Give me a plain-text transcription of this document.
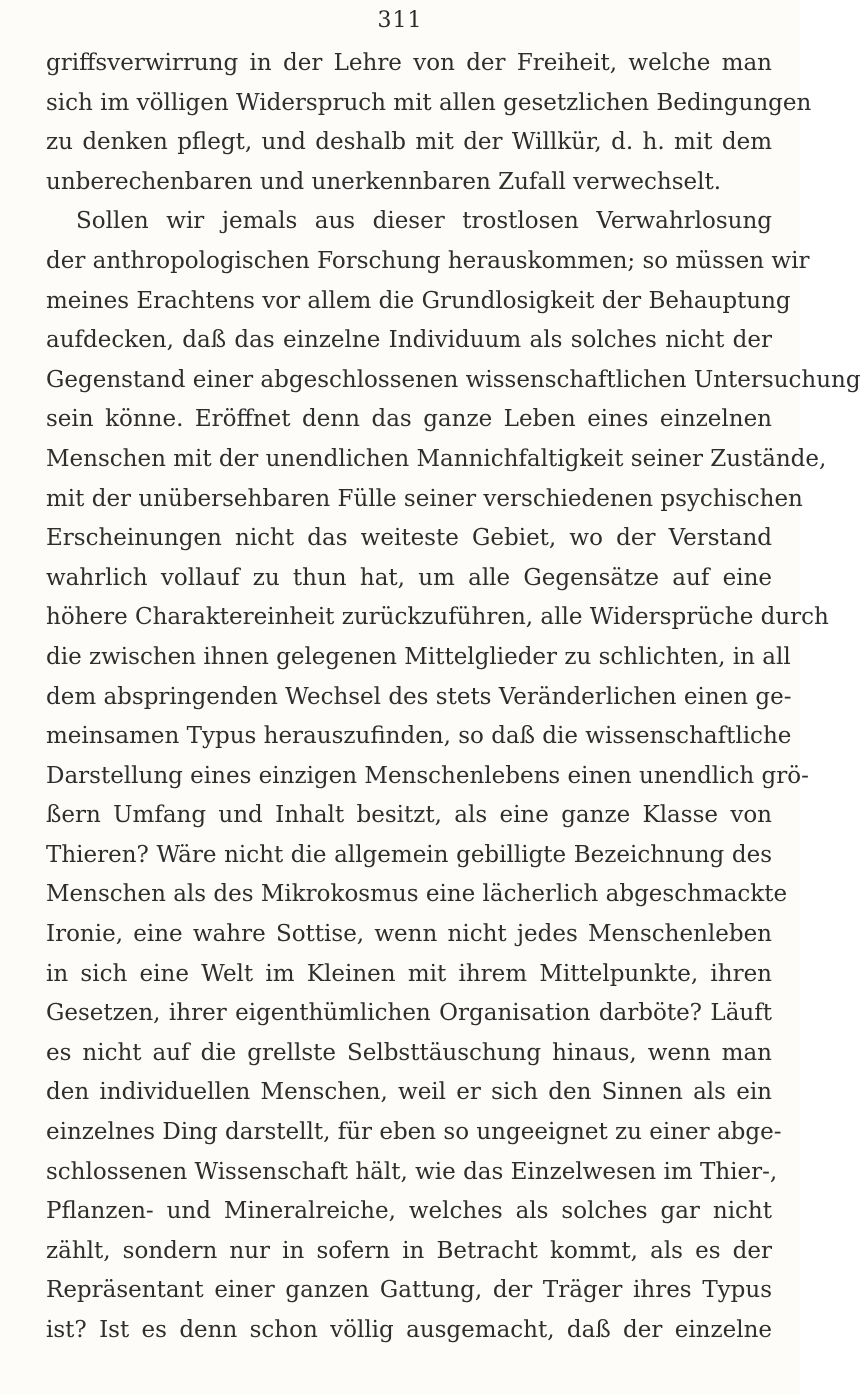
311
griffsverwirrung in der Lehre von der Freiheit, welche man
sich im völligen Widerspruch mit allen gesetzlichen Bedingungen
zu denken pflegt, und deshalb mit der Willkür, d. h. mit dem
unberechenbaren und unerkennbaren Zufall verwechselt.
Sollen wir jemals aus dieser trostlosen Verwahrlosung
der anthropologischen Forschung herauskommen; so müssen wir
meines Erachtens vor allem die Grundlosigkeit der Behauptung
aufdecken, daß das einzelne Individuum als solches nicht der
Gegenstand einer abgeschlossenen wissenschaftlichen Untersuchung
sein könne. Eröffnet denn das ganze Leben eines einzelnen
Menschen mit der unendlichen Mannichfaltigkeit seiner Zustände,
mit der unübersehbaren Fülle seiner verschiedenen psychischen
Erscheinungen nicht das weiteste Gebiet, wo der Verstand
wahrlich vollauf zu thun hat, um alle Gegensätze auf eine
höhere Charaktereinheit zurückzuführen, alle Widersprüche durch
die zwischen ihnen gelegenen Mittelglieder zu schlichten, in all
dem abspringenden Wechsel des stets Veränderlichen einen ge-
meinsamen Typus herauszufinden, so daß die wissenschaftliche
Darstellung eines einzigen Menschenlebens einen unendlich grö-
ßern Umfang und Inhalt besitzt, als eine ganze Klasse von
Thieren? Wäre nicht die allgemein gebilligte Bezeichnung des
Menschen als des Mikrokosmus eine lächerlich abgeschmackte
Ironie, eine wahre Sottise, wenn nicht jedes Menschenleben
in sich eine Welt im Kleinen mit ihrem Mittelpunkte, ihren
Gesetzen, ihrer eigenthümlichen Organisation darböte? Läuft
es nicht auf die grellste Selbsttäuschung hinaus, wenn man
den individuellen Menschen, weil er sich den Sinnen als ein
einzelnes Ding darstellt, für eben so ungeeignet zu einer abge-
schlossenen Wissenschaft hält, wie das Einzelwesen im Thier-,
Pflanzen- und Mineralreiche, welches als solches gar nicht
zählt, sondern nur in sofern in Betracht kommt, als es der
Repräsentant einer ganzen Gattung, der Träger ihres Typus
ist? Ist es denn schon völlig ausgemacht, daß der einzelne
